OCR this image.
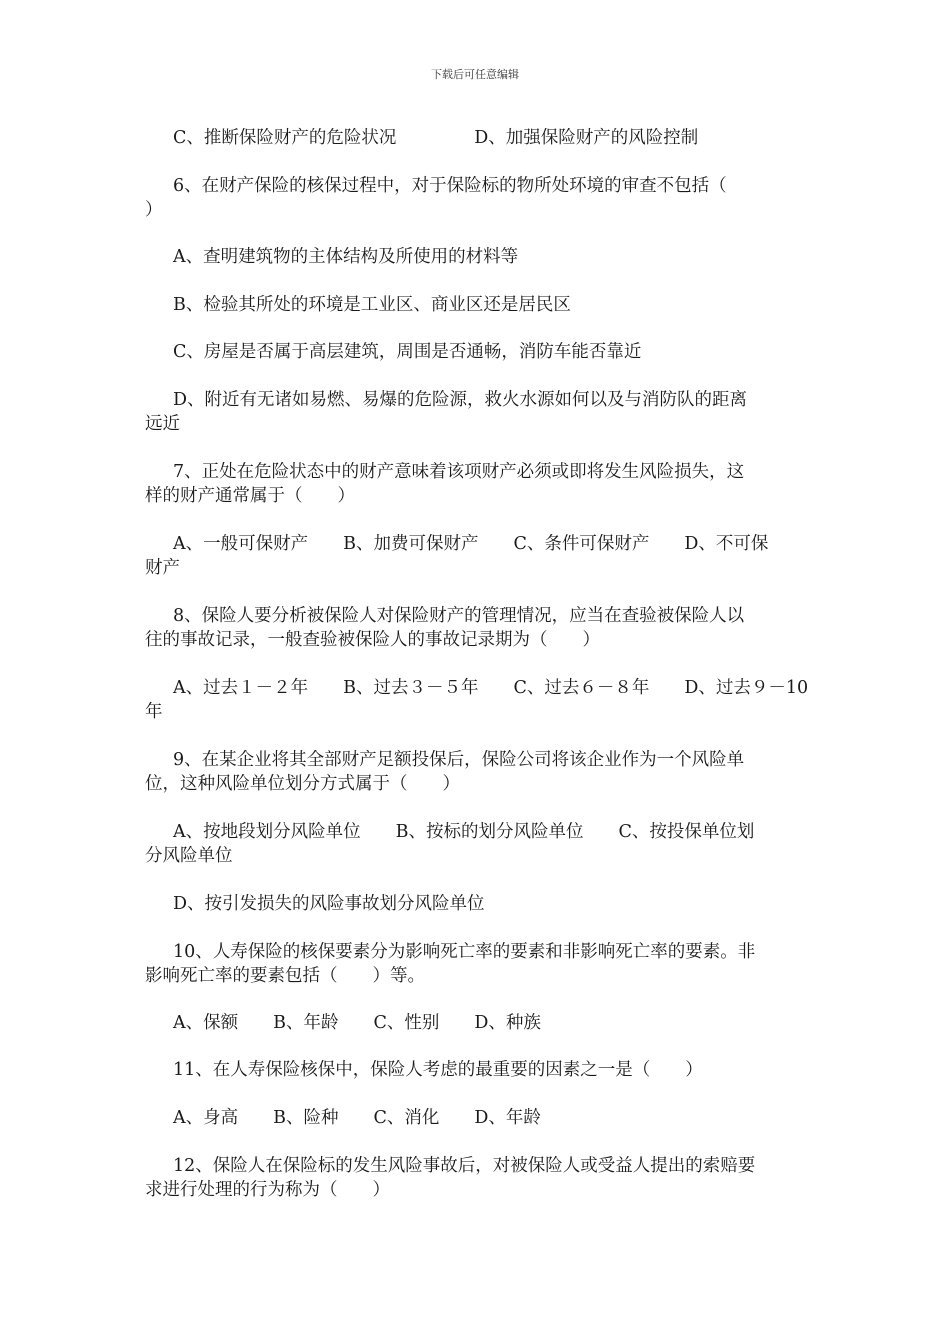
下载后可任意编辑
C、推断保险财产的危险状况              D、加强保险财产的风险控制
6、在财产保险的核保过程中，对于保险标的物所处环境的审查不包括（
）
A、查明建筑物的主体结构及所使用的材料等
B、检验其所处的环境是工业区、商业区还是居民区
C、房屋是否属于高层建筑，周围是否通畅，消防车能否靠近
D、附近有无诸如易燃、易爆的危险源，救火水源如何以及与消防队的距离
远近
7、正处在危险状态中的财产意味着该项财产必须或即将发生风险损失，这
样的财产通常属于（　　）
A、一般可保财产　　B、加费可保财产　　C、条件可保财产　　D、不可保
财产
8、保险人要分析被保险人对保险财产的管理情况，应当在查验被保险人以
往的事故记录，一般查验被保险人的事故记录期为（　　）
A、过去１－２年　　B、过去３－５年　　C、过去６－８年　　D、过去９－10
年
9、在某企业将其全部财产足额投保后，保险公司将该企业作为一个风险单
位，这种风险单位划分方式属于（　　）
A、按地段划分风险单位　　B、按标的划分风险单位　　C、按投保单位划
分风险单位
D、按引发损失的风险事故划分风险单位
10、人寿保险的核保要素分为影响死亡率的要素和非影响死亡率的要素。非
影响死亡率的要素包括（　　）等。
A、保额　　B、年龄　　C、性别　　D、种族
11、在人寿保险核保中，保险人考虑的最重要的因素之一是（　　）
A、身高　　B、险种　　C、消化　　D、年龄
12、保险人在保险标的发生风险事故后，对被保险人或受益人提出的索赔要
求进行处理的行为称为（　　）
